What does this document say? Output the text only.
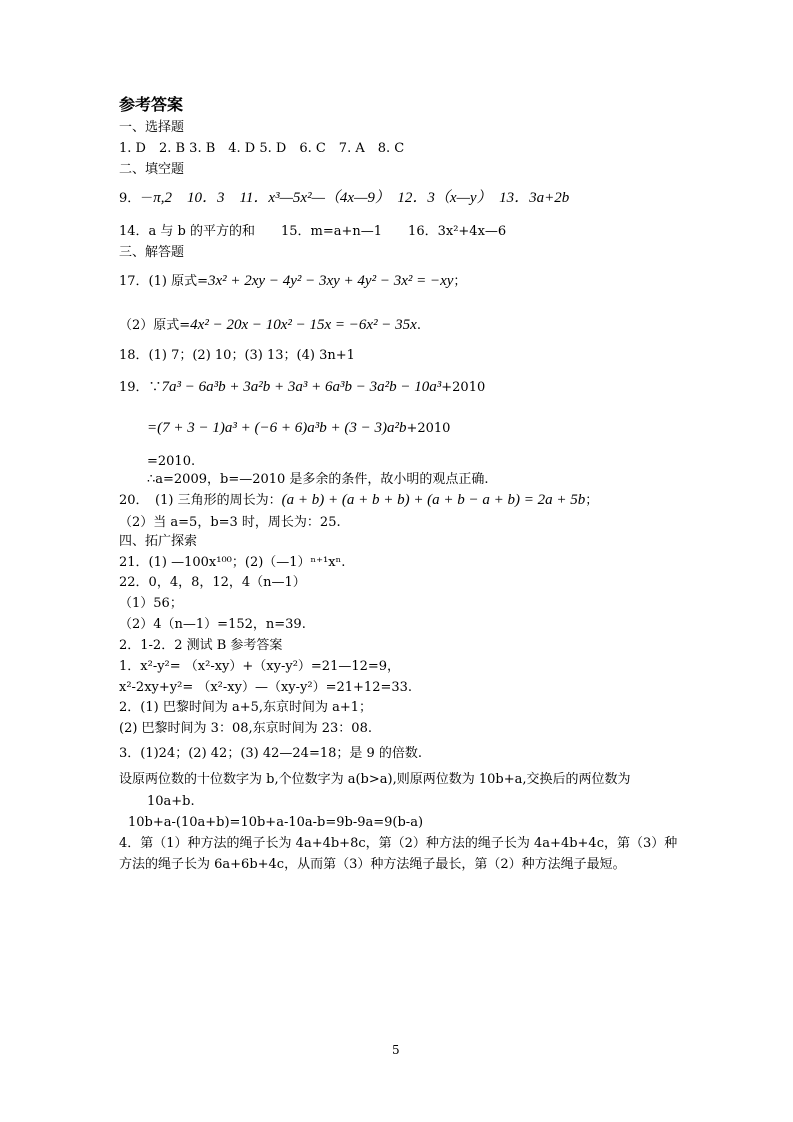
参考答案
一、选择题
1. D　2. B 3. B　4. D 5. D　6. C　7. A　8. C
二、填空题
9．－π,2　10．3　11．x³—5x²—（4x—9）　12．3（x—y）　13．3a+2b
14．a 与 b 的平方的和　　15．m=a+n—1　　16．3x²+4x—6
三、解答题
17．(1) 原式=3x² + 2xy − 4y² − 3xy + 4y² − 3x² = −xy；
（2）原式=4x² − 20x − 10x² − 15x = −6x² − 35x.
18．(1) 7；(2) 10；(3) 13；(4) 3n+1
19．∵7a³ − 6a³b + 3a²b + 3a³ + 6a³b − 3a²b − 10a³+2010
=(7 + 3 − 1)a³ + (−6 + 6)a³b + (3 − 3)a²b+2010
=2010.
∴a=2009，b=—2010 是多余的条件，故小明的观点正确.
20．　(1) 三角形的周长为：(a + b) + (a + b + b) + (a + b − a + b) = 2a + 5b；
（2）当 a=5，b=3 时，周长为：25.
四、拓广探索
21．(1) —100x¹⁰⁰；(2)（—1）ⁿ⁺¹xⁿ.
22．0，4，8，12，4（n—1）
（1）56；
（2）4（n—1）=152，n=39.
2．1-2．2 测试 B 参考答案
1．x²-y²= （x²-xy）+（xy-y²）=21—12=9，
x²-2xy+y²= （x²-xy）—（xy-y²）=21+12=33.
2．(1) 巴黎时间为 a+5,东京时间为 a+1；
(2) 巴黎时间为 3：08,东京时间为 23：08.
3．(1)24；(2) 42；(3) 42—24=18；是 9 的倍数.
设原两位数的十位数字为 b,个位数字为 a(b>a),则原两位数为 10b+a,交换后的两位数为
10a+b.
10b+a-(10a+b)=10b+a-10a-b=9b-9a=9(b-a)
4．第（1）种方法的绳子长为 4a+4b+8c，第（2）种方法的绳子长为 4a+4b+4c，第（3）种
方法的绳子长为 6a+6b+4c，从而第（3）种方法绳子最长，第（2）种方法绳子最短。
5
